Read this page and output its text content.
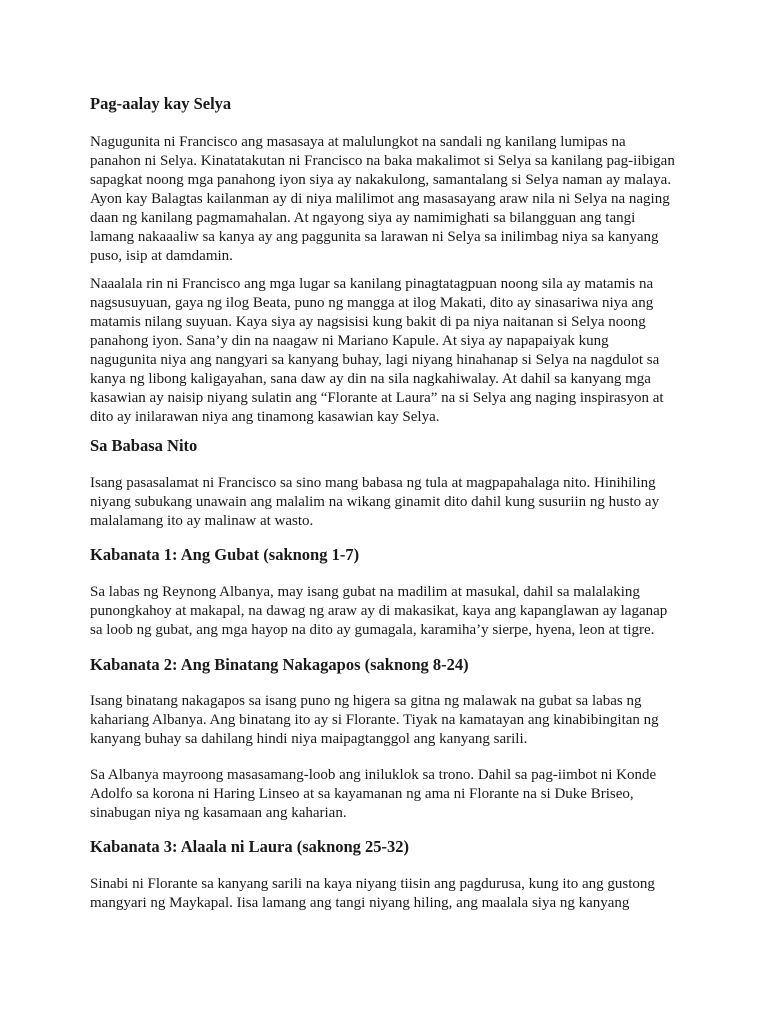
Pag-aalay kay Selya

Nagugunita ni Francisco ang masasaya at malulungkot na sandali ng kanilang lumipas na
panahon ni Selya. Kinatatakutan ni Francisco na baka makalimot si Selya sa kanilang pag-iibigan
sapagkat noong mga panahong iyon siya ay nakakulong, samantalang si Selya naman ay malaya.
Ayon kay Balagtas kailanman ay di niya malilimot ang masasayang araw nila ni Selya na naging
daan ng kanilang pagmamahalan. At ngayong siya ay namimighati sa bilangguan ang tangi
lamang nakaaaliw sa kanya ay ang paggunita sa larawan ni Selya sa inilimbag niya sa kanyang
puso, isip at damdamin.

Naaalala rin ni Francisco ang mga lugar sa kanilang pinagtatagpuan noong sila ay matamis na
nagsusuyuan, gaya ng ilog Beata, puno ng mangga at ilog Makati, dito ay sinasariwa niya ang
matamis nilang suyuan. Kaya siya ay nagsisisi kung bakit di pa niya naitanan si Selya noong
panahong iyon. Sana’y din na naagaw ni Mariano Kapule. At siya ay napapaiyak kung
nagugunita niya ang nangyari sa kanyang buhay, lagi niyang hinahanap si Selya na nagdulot sa
kanya ng libong kaligayahan, sana daw ay din na sila nagkahiwalay. At dahil sa kanyang mga
kasawian ay naisip niyang sulatin ang “Florante at Laura” na si Selya ang naging inspirasyon at
dito ay inilarawan niya ang tinamong kasawian kay Selya.

Sa Babasa Nito

Isang pasasalamat ni Francisco sa sino mang babasa ng tula at magpapahalaga nito. Hinihiling
niyang subukang unawain ang malalim na wikang ginamit dito dahil kung susuriin ng husto ay
malalamang ito ay malinaw at wasto.

Kabanata 1: Ang Gubat (saknong 1-7)

Sa labas ng Reynong Albanya, may isang gubat na madilim at masukal, dahil sa malalaking
punongkahoy at makapal, na dawag ng araw ay di makasikat, kaya ang kapanglawan ay laganap
sa loob ng gubat, ang mga hayop na dito ay gumagala, karamiha’y sierpe, hyena, leon at tigre.

Kabanata 2: Ang Binatang Nakagapos (saknong 8-24)

Isang binatang nakagapos sa isang puno ng higera sa gitna ng malawak na gubat sa labas ng
kahariang Albanya. Ang binatang ito ay si Florante. Tiyak na kamatayan ang kinabibingitan ng
kanyang buhay sa dahilang hindi niya maipagtanggol ang kanyang sarili.

Sa Albanya mayroong masasamang-loob ang iniluklok sa trono. Dahil sa pag-iimbot ni Konde
Adolfo sa korona ni Haring Linseo at sa kayamanan ng ama ni Florante na si Duke Briseo,
sinabugan niya ng kasamaan ang kaharian.

Kabanata 3: Alaala ni Laura (saknong 25-32)

Sinabi ni Florante sa kanyang sarili na kaya niyang tiisin ang pagdurusa, kung ito ang gustong
mangyari ng Maykapal. Iisa lamang ang tangi niyang hiling, ang maalala siya ng kanyang
